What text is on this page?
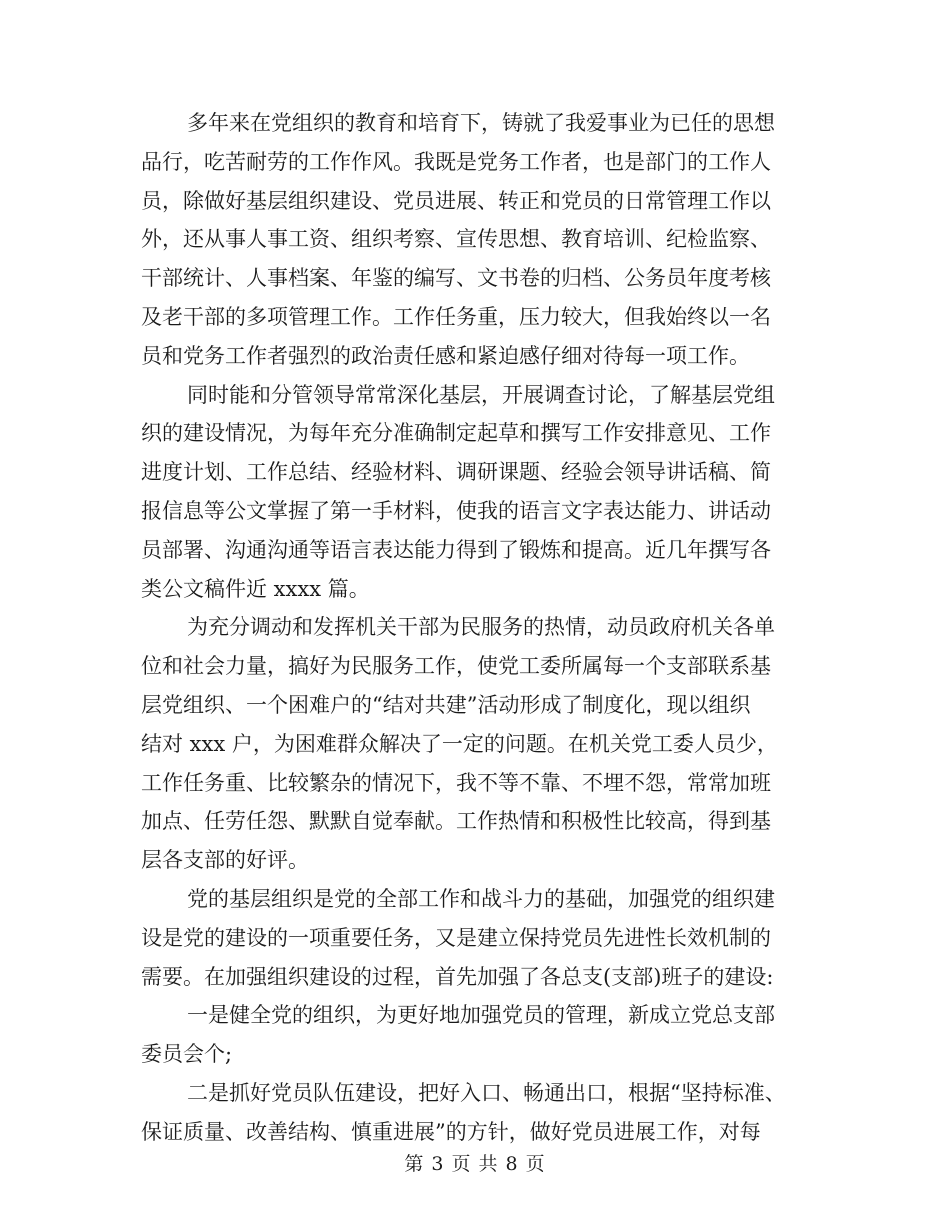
多年来在党组织的教育和培育下，铸就了我爱事业为已任的思想
品行，吃苦耐劳的工作作风。我既是党务工作者，也是部门的工作人
员，除做好基层组织建设、党员进展、转正和党员的日常管理工作以
外，还从事人事工资、组织考察、宣传思想、教育培训、纪检监察、
干部统计、人事档案、年鉴的编写、文书卷的归档、公务员年度考核
及老干部的多项管理工作。工作任务重，压力较大，但我始终以一名
员和党务工作者强烈的政治责任感和紧迫感仔细对待每一项工作。

同时能和分管领导常常深化基层，开展调查讨论，了解基层党组
织的建设情况，为每年充分准确制定起草和撰写工作安排意见、工作
进度计划、工作总结、经验材料、调研课题、经验会领导讲话稿、简
报信息等公文掌握了第一手材料，使我的语言文字表达能力、讲话动
员部署、沟通沟通等语言表达能力得到了锻炼和提高。近几年撰写各
类公文稿件近 xxxx 篇。

为充分调动和发挥机关干部为民服务的热情，动员政府机关各单
位和社会力量，搞好为民服务工作，使党工委所属每一个支部联系基
层党组织、一个困难户的“结对共建”活动形成了制度化，现以组织
结对 xxx 户，为困难群众解决了一定的问题。在机关党工委人员少，
工作任务重、比较繁杂的情况下，我不等不靠、不埋不怨，常常加班
加点、任劳任怨、默默自觉奉献。工作热情和积极性比较高，得到基
层各支部的好评。

党的基层组织是党的全部工作和战斗力的基础，加强党的组织建
设是党的建设的一项重要任务，又是建立保持党员先进性长效机制的
需要。在加强组织建设的过程，首先加强了各总支(支部)班子的建设:

一是健全党的组织，为更好地加强党员的管理，新成立党总支部
委员会个;

二是抓好党员队伍建设，把好入口、畅通出口，根据“坚持标准、
保证质量、改善结构、慎重进展”的方针，做好党员进展工作，对每

第 3 页 共 8 页
